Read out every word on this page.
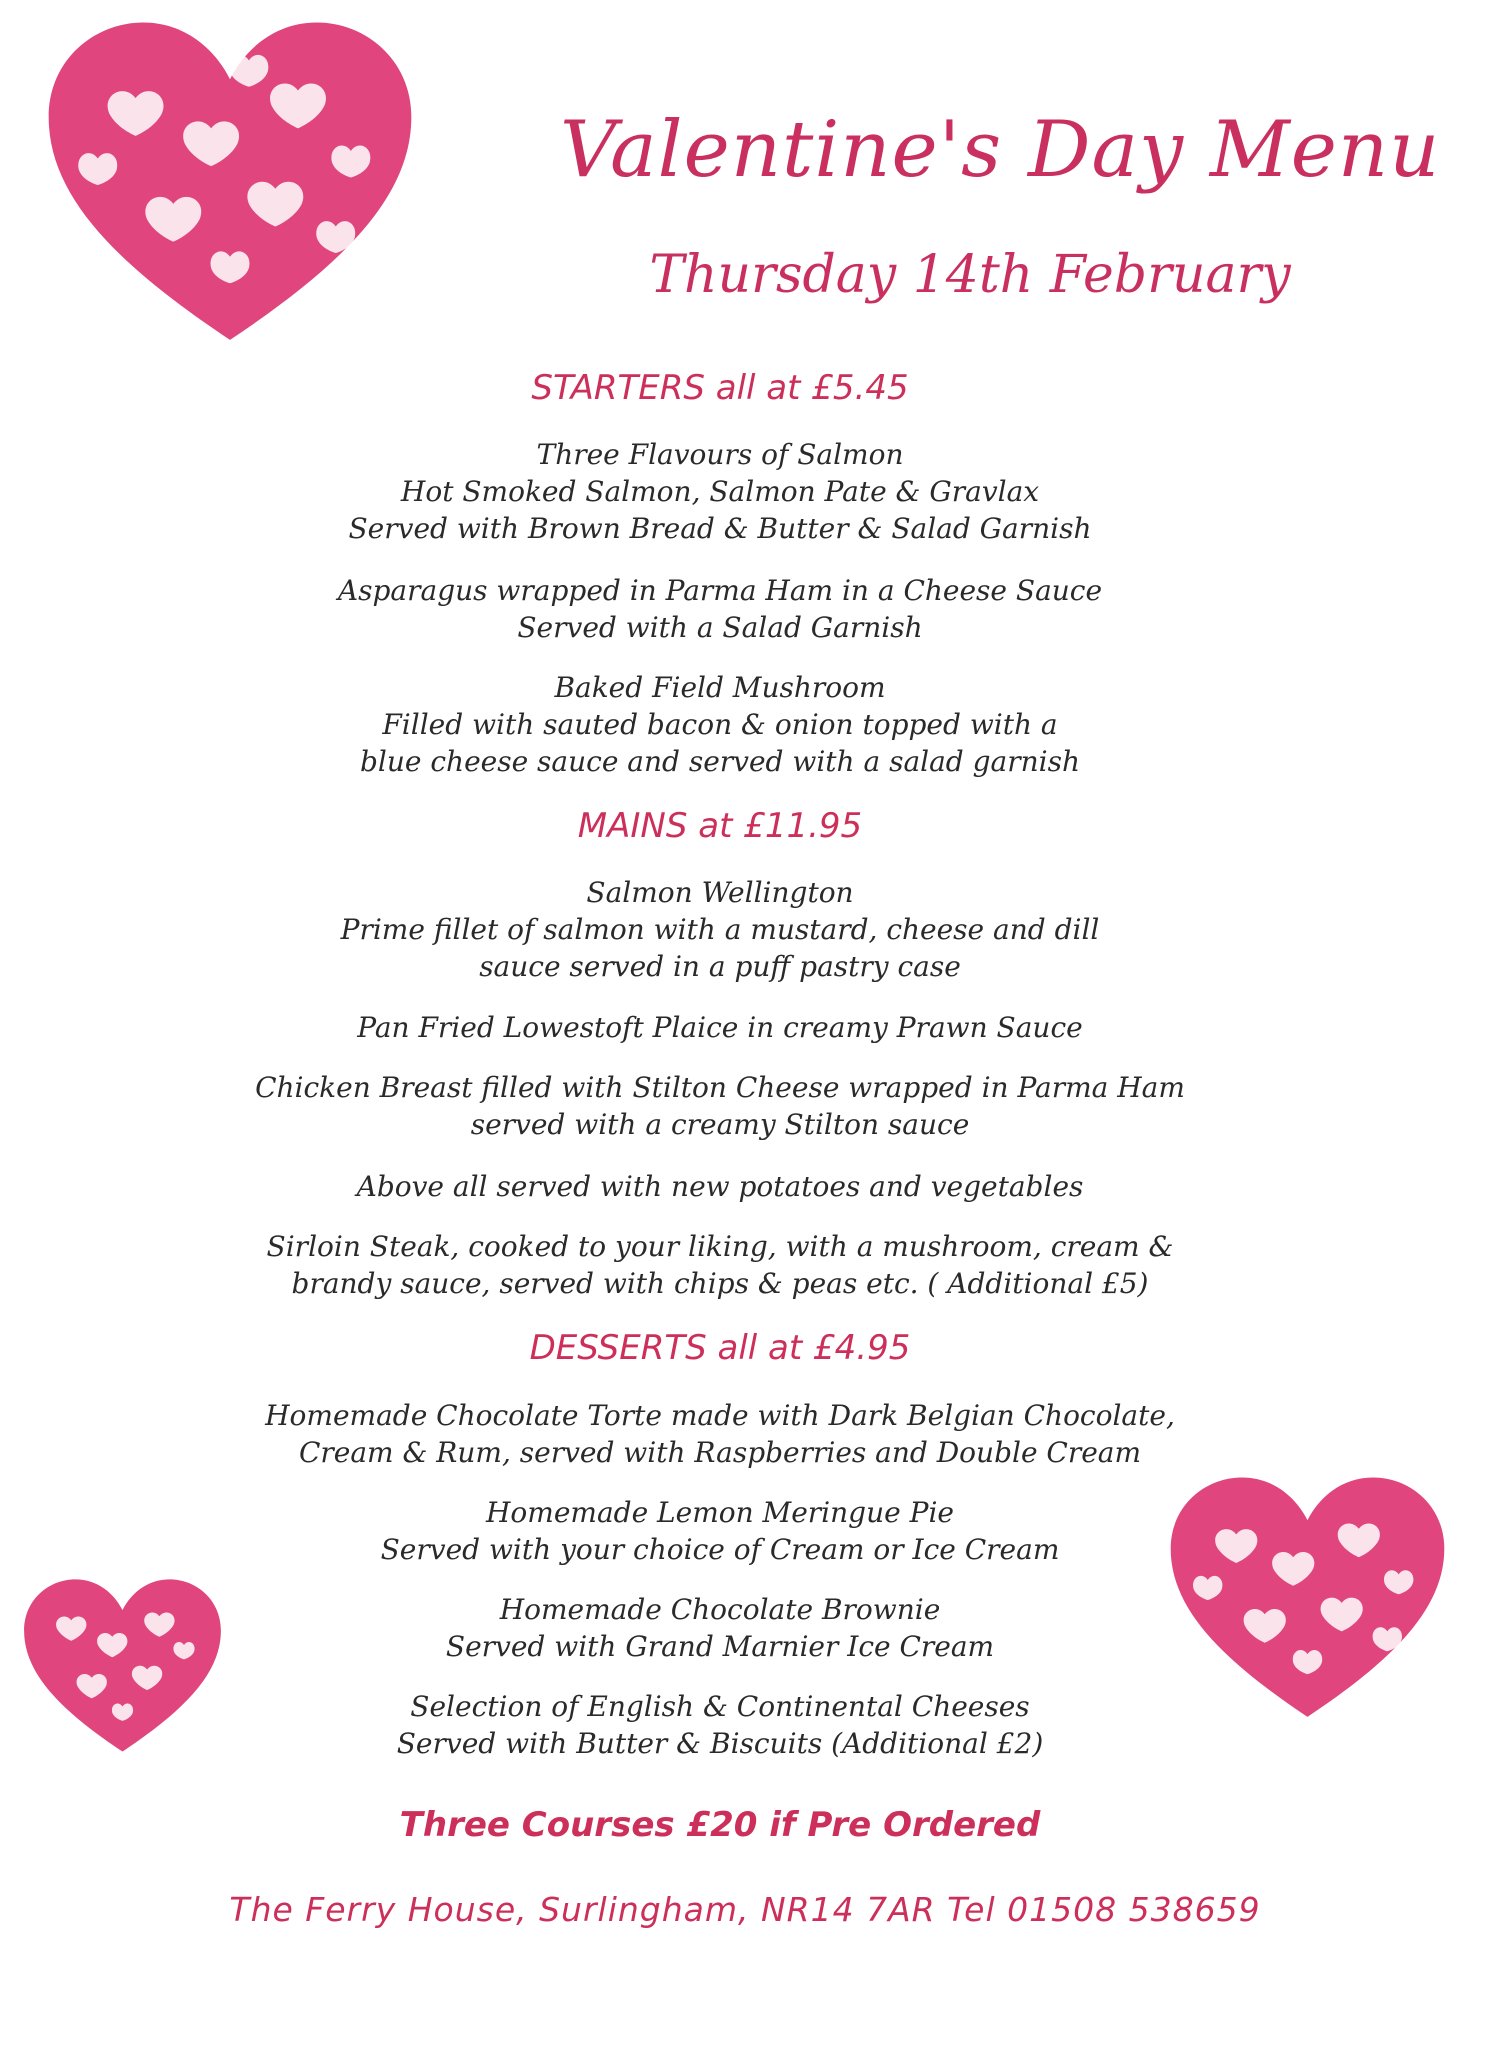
Valentine's Day Menu
Thursday 14th February
STARTERS all at £5.45
Three Flavours of Salmon
Hot Smoked Salmon, Salmon Pate & Gravlax
Served with Brown Bread & Butter & Salad Garnish
Asparagus wrapped in Parma Ham in a Cheese Sauce
Served with a Salad Garnish
Baked Field Mushroom
Filled with sauted bacon & onion topped with a
blue cheese sauce and served with a salad garnish
MAINS at £11.95
Salmon Wellington
Prime fillet of salmon with a mustard, cheese and dill
sauce served in a puff pastry case
Pan Fried Lowestoft Plaice in creamy Prawn Sauce
Chicken Breast filled with Stilton Cheese wrapped in Parma Ham
served with a creamy Stilton sauce
Above all served with new potatoes and vegetables
Sirloin Steak, cooked to your liking, with a mushroom, cream &
brandy sauce, served with chips & peas etc. ( Additional £5)
DESSERTS all at £4.95
Homemade Chocolate Torte made with Dark Belgian Chocolate,
Cream & Rum, served with Raspberries and Double Cream
Homemade Lemon Meringue Pie
Served with your choice of Cream or Ice Cream
Homemade Chocolate Brownie
Served with Grand Marnier Ice Cream
Selection of English & Continental Cheeses
Served with Butter & Biscuits (Additional £2)
Three Courses £20 if Pre Ordered
The Ferry House, Surlingham, NR14 7AR Tel 01508 538659
